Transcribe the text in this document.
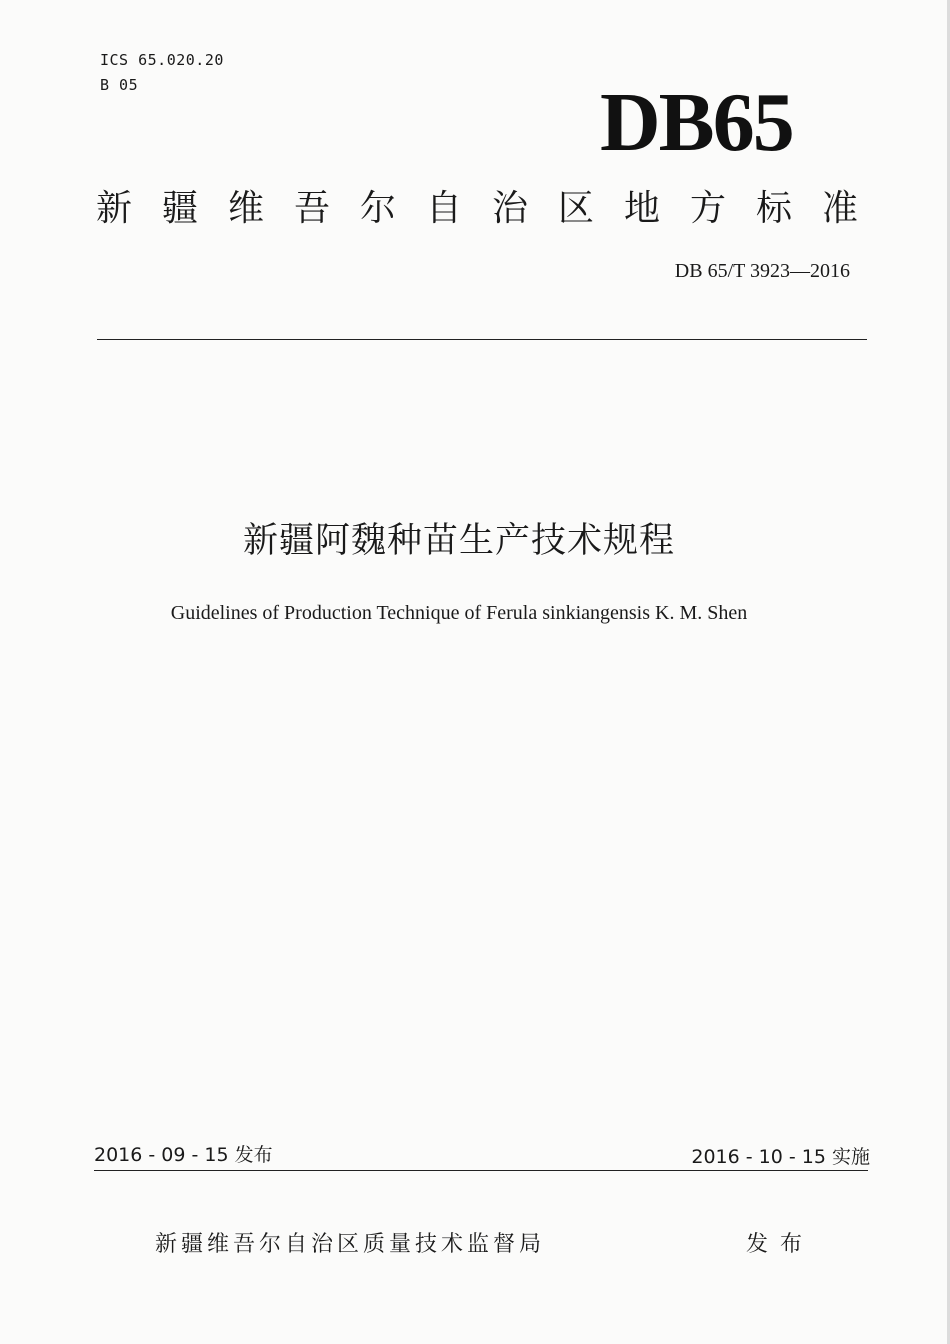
ICS 65.020.20
B 05	DB65
新疆维吾尔自治区地方标准
DB 65/T 3923—2016
新疆阿魏种苗生产技术规程
Guidelines of Production Technique of Ferula sinkiangensis K. M. Shen
2016 - 09 - 15 发布	2016 - 10 - 15 实施
新疆维吾尔自治区质量技术监督局	发布
